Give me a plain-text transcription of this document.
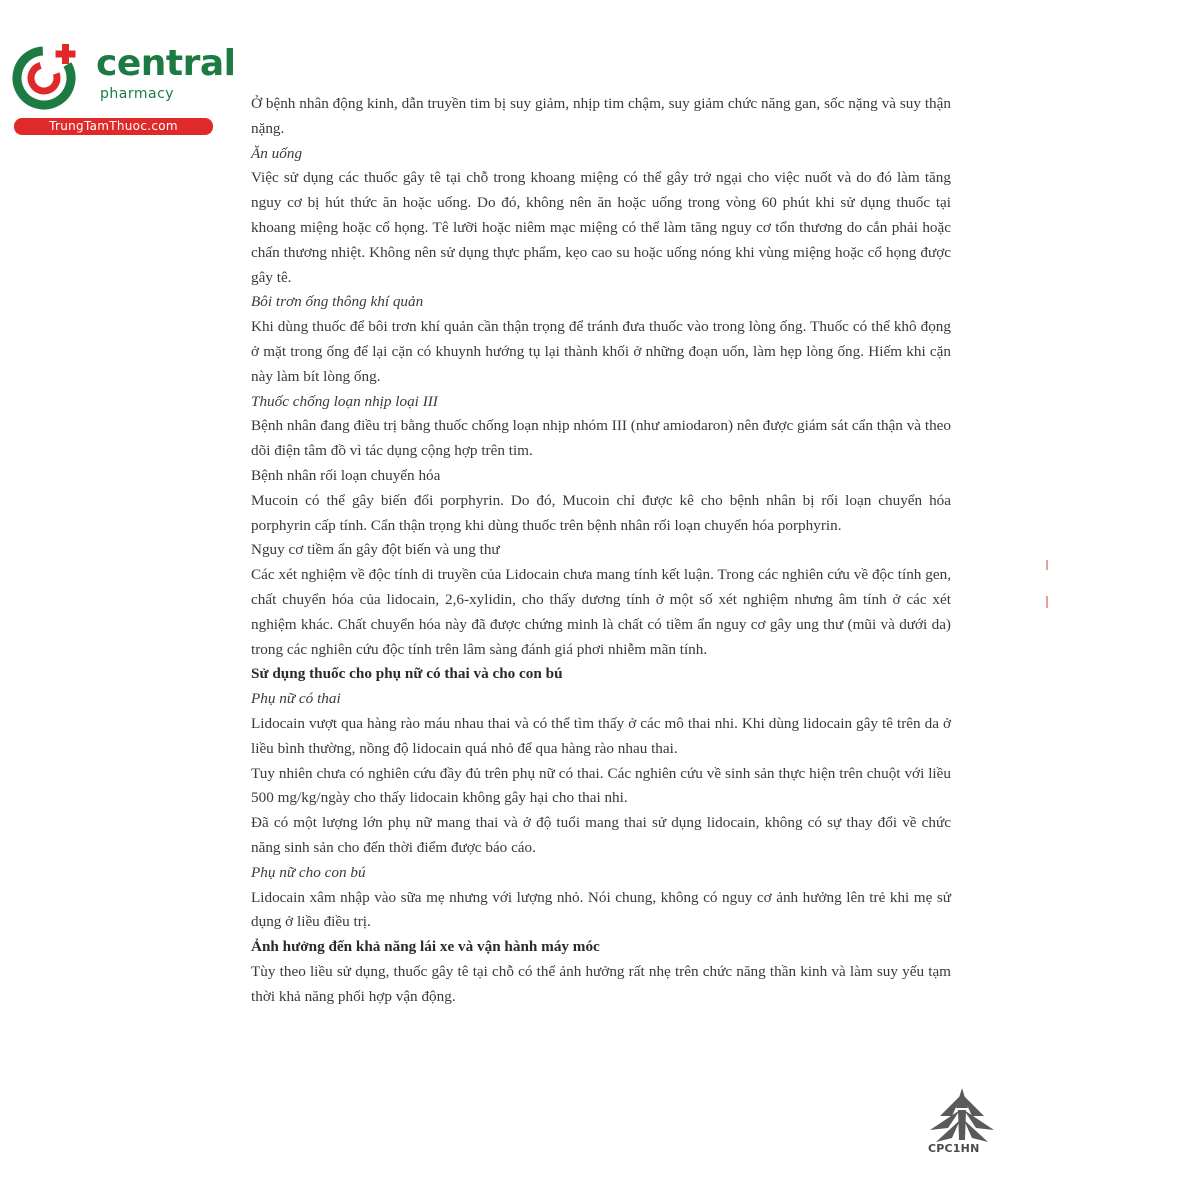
central
pharmacy
TrungTamThuoc.com

Ở bệnh nhân động kinh, dẫn truyền tim bị suy giảm, nhịp tim chậm, suy giảm chức năng gan, sốc nặng và suy thận nặng.

Ăn uống

Việc sử dụng các thuốc gây tê tại chỗ trong khoang miệng có thể gây trở ngại cho việc nuốt và do đó làm tăng nguy cơ bị hút thức ăn hoặc uống. Do đó, không nên ăn hoặc uống trong vòng 60 phút khi sử dụng thuốc tại khoang miệng hoặc cổ họng. Tê lưỡi hoặc niêm mạc miệng có thể làm tăng nguy cơ tổn thương do cắn phải hoặc chấn thương nhiệt. Không nên sử dụng thực phẩm, kẹo cao su hoặc uống nóng khi vùng miệng hoặc cổ họng được gây tê.

Bôi trơn ống thông khí quản

Khi dùng thuốc để bôi trơn khí quản cần thận trọng để tránh đưa thuốc vào trong lòng ống. Thuốc có thể khô đọng ở mặt trong ống để lại cặn có khuynh hướng tụ lại thành khối ở những đoạn uốn, làm hẹp lòng ống. Hiếm khi cặn này làm bít lòng ống.

Thuốc chống loạn nhịp loại III

Bệnh nhân đang điều trị bằng thuốc chống loạn nhịp nhóm III (như amiodaron) nên được giám sát cẩn thận và theo dõi điện tâm đồ vì tác dụng cộng hợp trên tim.

Bệnh nhân rối loạn chuyển hóa

Mucoin có thể gây biến đổi porphyrin. Do đó, Mucoin chỉ được kê cho bệnh nhân bị rối loạn chuyển hóa porphyrin cấp tính. Cẩn thận trọng khi dùng thuốc trên bệnh nhân rối loạn chuyển hóa porphyrin.

Nguy cơ tiềm ẩn gây đột biến và ung thư

Các xét nghiệm về độc tính di truyền của Lidocain chưa mang tính kết luận. Trong các nghiên cứu về độc tính gen, chất chuyển hóa của lidocain, 2,6-xylidin, cho thấy dương tính ở một số xét nghiệm nhưng âm tính ở các xét nghiệm khác. Chất chuyển hóa này đã được chứng minh là chất có tiềm ẩn nguy cơ gây ung thư (mũi và dưới da) trong các nghiên cứu độc tính trên lâm sàng đánh giá phơi nhiễm mãn tính.

Sử dụng thuốc cho phụ nữ có thai và cho con bú

Phụ nữ có thai

Lidocain vượt qua hàng rào máu nhau thai và có thể tìm thấy ở các mô thai nhi. Khi dùng lidocain gây tê trên da ở liều bình thường, nồng độ lidocain quá nhỏ để qua hàng rào nhau thai.

Tuy nhiên chưa có nghiên cứu đầy đủ trên phụ nữ có thai. Các nghiên cứu về sinh sản thực hiện trên chuột với liều 500 mg/kg/ngày cho thấy lidocain không gây hại cho thai nhi.

Đã có một lượng lớn phụ nữ mang thai và ở độ tuổi mang thai sử dụng lidocain, không có sự thay đổi về chức năng sinh sản cho đến thời điểm được báo cáo.

Phụ nữ cho con bú

Lidocain xâm nhập vào sữa mẹ nhưng với lượng nhỏ. Nói chung, không có nguy cơ ảnh hưởng lên trẻ khi mẹ sử dụng ở liều điều trị.

Ảnh hưởng đến khả năng lái xe và vận hành máy móc

Tùy theo liều sử dụng, thuốc gây tê tại chỗ có thể ảnh hưởng rất nhẹ trên chức năng thần kinh và làm suy yếu tạm thời khả năng phối hợp vận động.

CPC1HN
